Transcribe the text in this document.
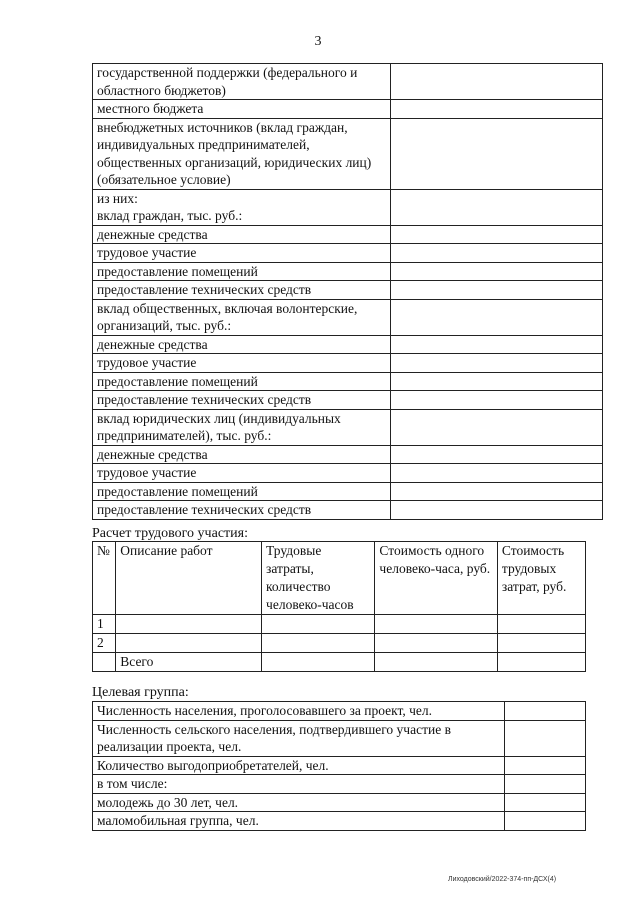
3
государственной поддержки (федерального и областного бюджетов)	
местного бюджета	
внебюджетных источников (вклад граждан, индивидуальных предпринимателей, общественных организаций, юридических лиц) (обязательное условие)	
из них:
вклад граждан, тыс. руб.:	
денежные средства	
трудовое участие	
предоставление помещений	
предоставление технических средств	
вклад общественных, включая волонтерские, организаций, тыс. руб.:	
денежные средства	
трудовое участие	
предоставление помещений	
предоставление технических средств	
вклад юридических лиц (индивидуальных предпринимателей), тыс. руб.:	
денежные средства	
трудовое участие	
предоставление помещений	
предоставление технических средств	
Расчет трудового участия:
№	Описание работ	Трудовые затраты, количество человеко-часов	Стоимость одного человеко-часа, руб.	Стоимость трудовых затрат, руб.
1				
2				
	Всего			
Целевая группа:
Численность населения, проголосовавшего за проект, чел.	
Численность сельского населения, подтвердившего участие в реализации проекта, чел.	
Количество выгодоприобретателей, чел.	
в том числе:	
молодежь до 30 лет, чел.	
маломобильная группа, чел.	
Лиходовский/2022-374-пп-ДСХ(4)
